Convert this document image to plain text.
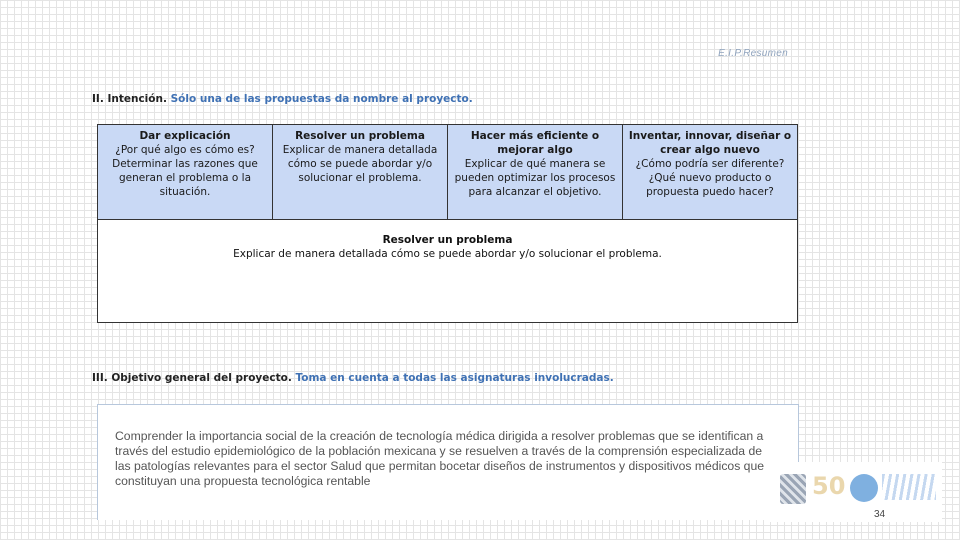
E.I.P.Resumen
II. Intención. Sólo una de las propuestas da nombre al proyecto.
Dar explicación
¿Por qué algo es cómo es? Determinar las razones que generan el problema o la situación.
Resolver un problema
Explicar de manera detallada cómo se puede abordar y/o solucionar el problema.
Hacer más eficiente o mejorar algo
Explicar de qué manera se pueden optimizar los procesos para alcanzar el objetivo.
Inventar, innovar, diseñar o crear algo nuevo
¿Cómo podría ser diferente? ¿Qué nuevo producto o propuesta puedo hacer?
Resolver un problema
Explicar de manera detallada cómo se puede abordar y/o solucionar el problema.
III. Objetivo general del proyecto. Toma en cuenta a todas las asignaturas involucradas.

Comprender la importancia social de la creación de tecnología médica dirigida a resolver problemas que se identifican a través del estudio epidemiológico de la población mexicana y se resuelven a través de la comprensión especializada de las patologías relevantes para el sector Salud que permitan bocetar diseños de instrumentos y dispositivos médicos que constituyan una propuesta tecnológica rentable	50
34
